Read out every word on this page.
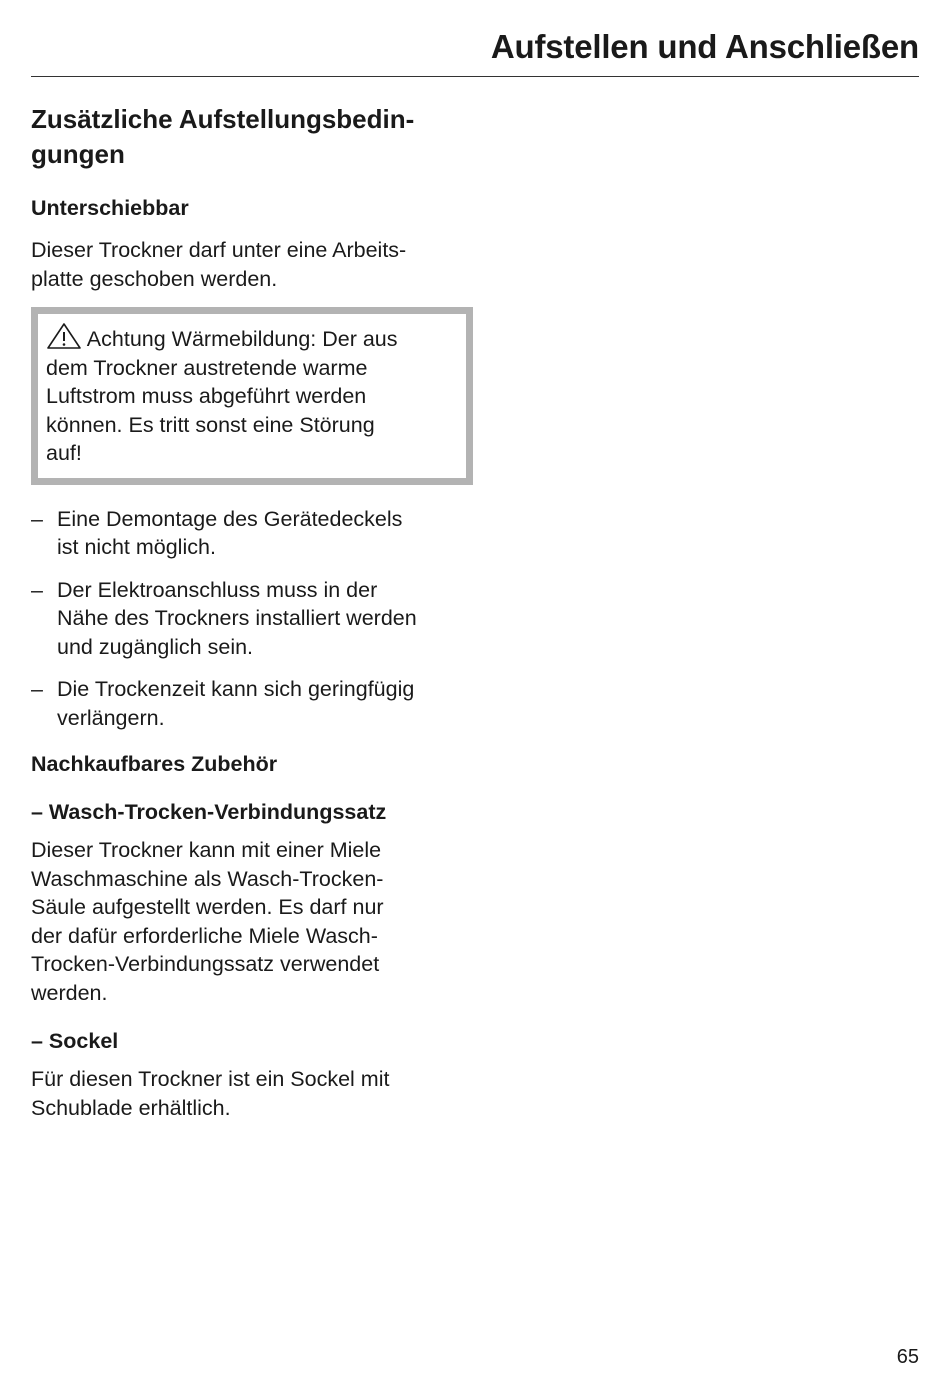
Aufstellen und Anschließen
Zusätzliche Aufstellungsbedin-
gungen
Unterschiebbar
Dieser Trockner darf unter eine Arbeits-
platte geschoben werden.
Achtung Wärmebildung: Der aus
dem Trockner austretende warme
Luftstrom muss abgeführt werden
können. Es tritt sonst eine Störung
auf!
– Eine Demontage des Gerätedeckels
ist nicht möglich.
– Der Elektroanschluss muss in der
Nähe des Trockners installiert werden
und zugänglich sein.
– Die Trockenzeit kann sich geringfügig
verlängern.
Nachkaufbares Zubehör
– Wasch-Trocken-Verbindungssatz
Dieser Trockner kann mit einer Miele
Waschmaschine als Wasch-Trocken-
Säule aufgestellt werden. Es darf nur
der dafür erforderliche Miele Wasch-
Trocken-Verbindungssatz verwendet
werden.
– Sockel
Für diesen Trockner ist ein Sockel mit
Schublade erhältlich.
65
